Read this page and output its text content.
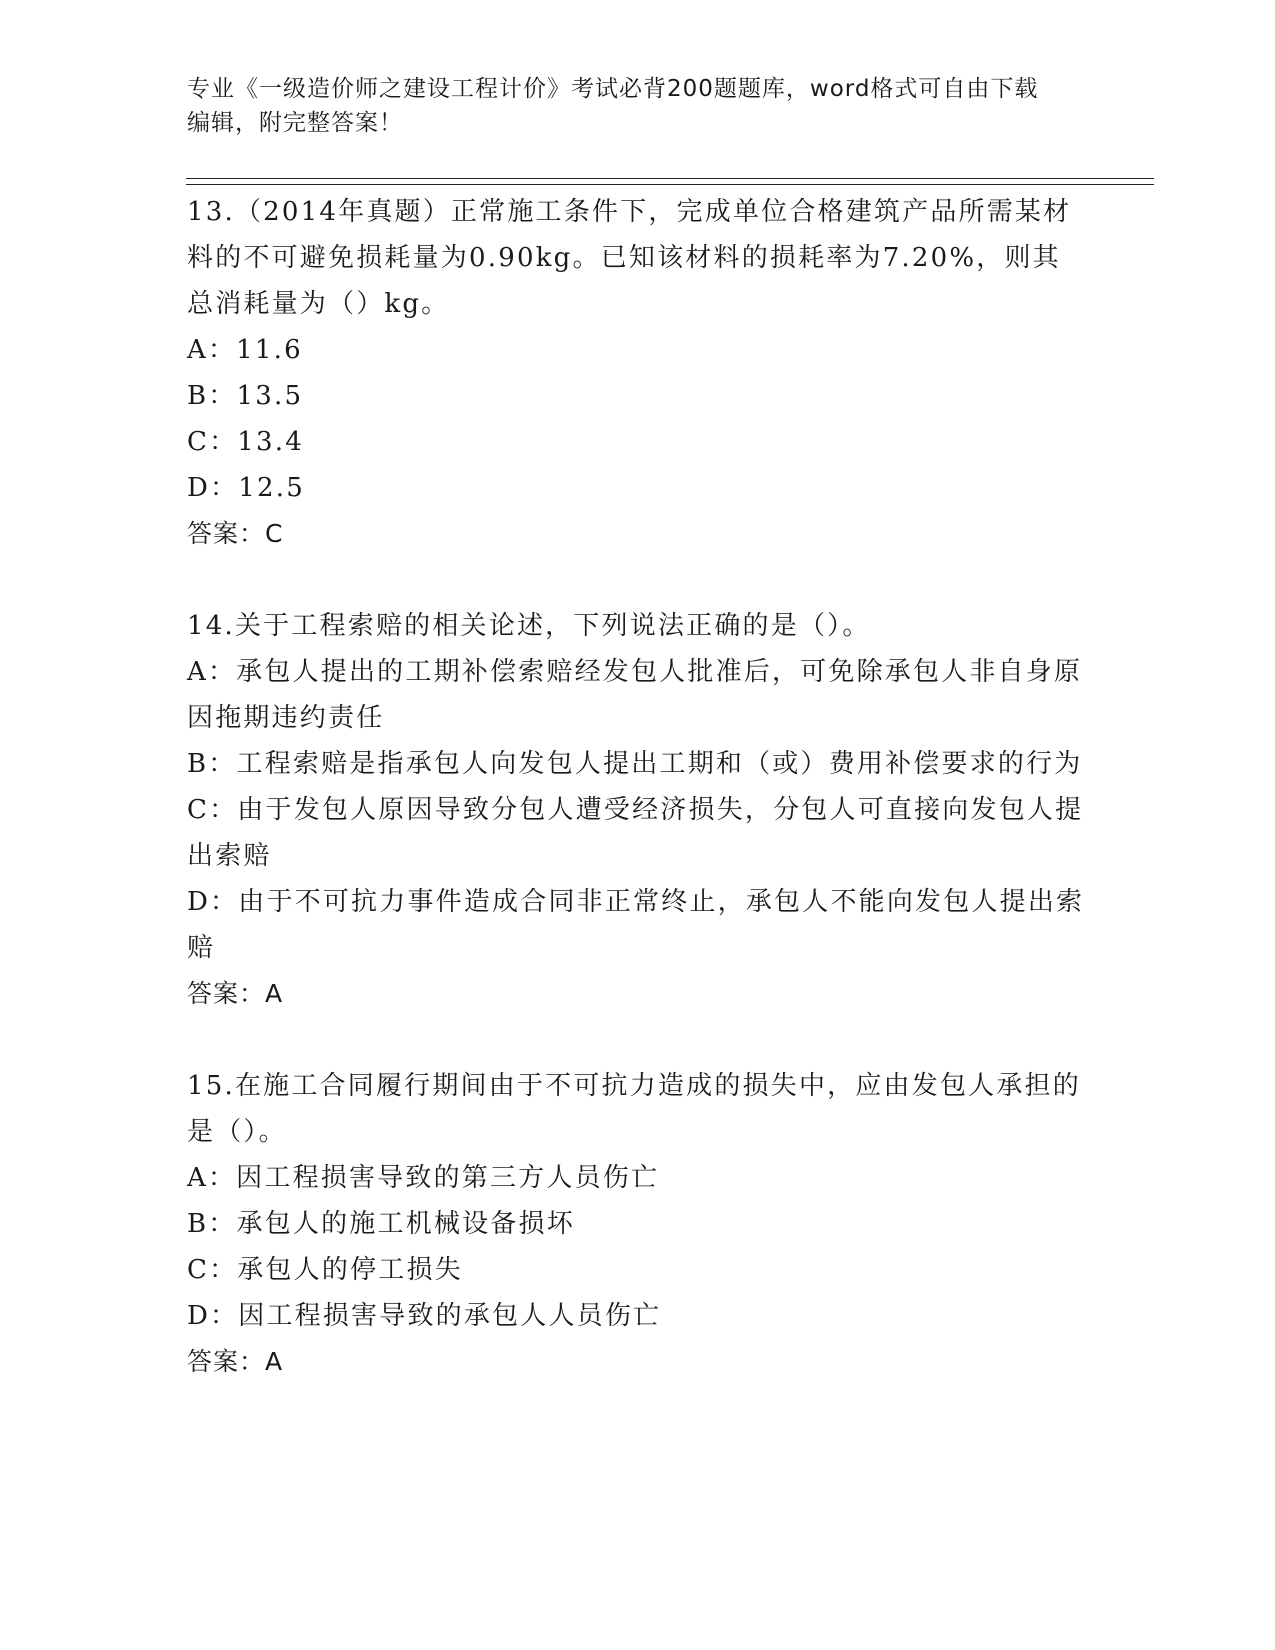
专业《一级造价师之建设工程计价》考试必背200题题库，word格式可自由下载
编辑，附完整答案！

13.（2014年真题）正常施工条件下，完成单位合格建筑产品所需某材料的不可避免损耗量为0.90kg。已知该材料的损耗率为7.20%，则其总消耗量为（）kg。

A：11.6

B：13.5

C：13.4

D：12.5

答案：C

14.关于工程索赔的相关论述，下列说法正确的是（）。

A：承包人提出的工期补偿索赔经发包人批准后，可免除承包人非自身原因拖期违约责任

B：工程索赔是指承包人向发包人提出工期和（或）费用补偿要求的行为

C：由于发包人原因导致分包人遭受经济损失，分包人可直接向发包人提出索赔

D：由于不可抗力事件造成合同非正常终止，承包人不能向发包人提出索赔

答案：A

15.在施工合同履行期间由于不可抗力造成的损失中，应由发包人承担的是（）。

A：因工程损害导致的第三方人员伤亡

B：承包人的施工机械设备损坏

C：承包人的停工损失

D：因工程损害导致的承包人人员伤亡

答案：A
